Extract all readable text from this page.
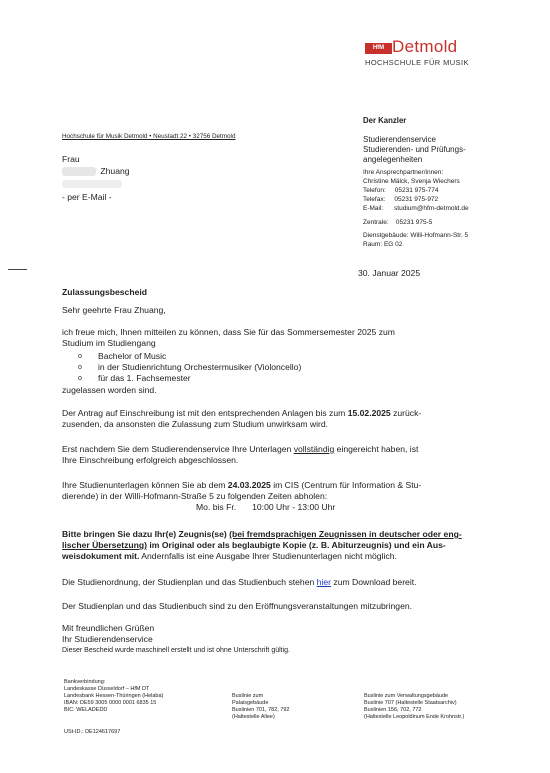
HfM Detmold
HOCHSCHULE FÜR MUSIK
Hochschule für Musik Detmold • Neustadt 22 • 32756 Detmold
Frau
Zhuang
- per E-Mail -
Der Kanzler
Studierendenservice
Studierenden- und Prüfungs-
angelegenheiten
Ihre Ansprechpartner/innen:
Christine Mälck, Svenja Wiechers
Telefon:     05231 975-774
Telefax:     05231 975-972
E-Mail:      studium@hfm-detmold.de
Zentrale:    05231 975-5
Dienstgebäude: Willi-Hofmann-Str. 5
Raum: EG 02
30. Januar 2025
Zulassungsbescheid
Sehr geehrte Frau Zhuang,
ich freue mich, Ihnen mitteilen zu können, dass Sie für das Sommersemester 2025 zum
Studium im Studiengang
o Bachelor of Music
o in der Studienrichtung Orchestermusiker (Violoncello)
o für das 1. Fachsemester
zugelassen worden sind.
Der Antrag auf Einschreibung ist mit den entsprechenden Anlagen bis zum 15.02.2025 zurück-
zusenden, da ansonsten die Zulassung zum Studium unwirksam wird.
Erst nachdem Sie dem Studierendenservice Ihre Unterlagen vollständig eingereicht haben, ist
Ihre Einschreibung erfolgreich abgeschlossen.
Ihre Studienunterlagen können Sie ab dem 24.03.2025 im CIS (Centrum für Information & Stu-
dierende) in der Willi-Hofmann-Straße 5 zu folgenden Zeiten abholen:
Mo. bis Fr. 10:00 Uhr - 13:00 Uhr
Bitte bringen Sie dazu Ihr(e) Zeugnis(se) (bei fremdsprachigen Zeugnissen in deutscher oder eng-
lischer Übersetzung) im Original oder als beglaubigte Kopie (z. B. Abiturzeugnis) und ein Aus-
weisdokument mit. Andernfalls ist eine Ausgabe Ihrer Studienunterlagen nicht möglich.
Die Studienordnung, der Studienplan und das Studienbuch stehen hier zum Download bereit.
Der Studienplan und das Studienbuch sind zu den Eröffnungsveranstaltungen mitzubringen.
Mit freundlichen Grüßen
Ihr Studierendenservice
Dieser Bescheid wurde maschinell erstellt und ist ohne Unterschrift gültig.
Bankverbindung:
Landeskasse Düsseldorf – HfM DT
Landesbank Hessen-Thüringen (Helaba)
IBAN: DE59 3005 0000 0001 6835 15
BIC: WELADEDD
USt-ID.: DE124617697
Buslinie zum
Palaisgebäude
Buslinien 701, 782, 792
(Haltestelle Allee)
Buslinie zum Verwaltungsgebäude
Buslinie 707 (Haltestelle Staatsarchiv)
Buslinien 156, 702, 772
(Haltestelle Leopoldinum Ende Krohnstr.)
